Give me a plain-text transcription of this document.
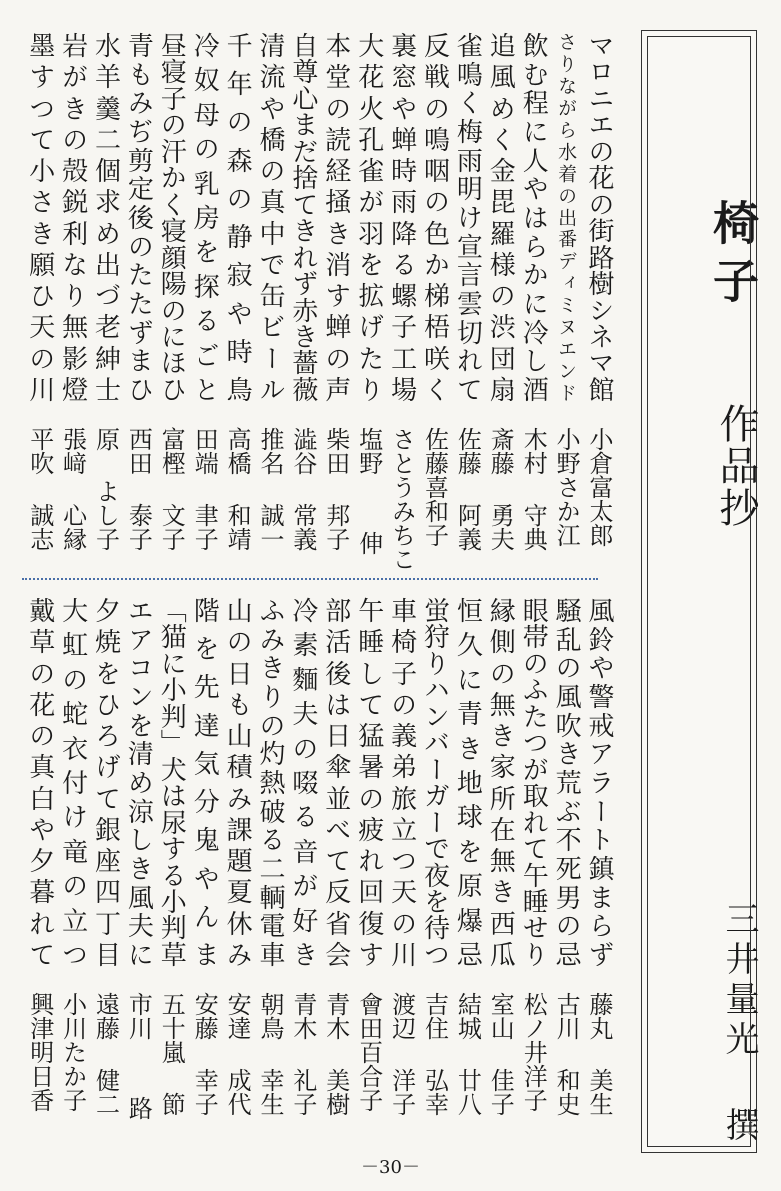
椅子
作品抄
三井量光 撰
マ
ロ
ニ
エ
の
花
の
街
路
樹
シ
ネ
マ
館
小倉富太郎
さ
り
な
が
ら
水
着
の
出
番
デ
ィ
ミ
ヌ
エ
ン
ド
小野さか江
飲
む
程
に
人
や
は
ら
か
に
冷
し
酒
木村 守典
追
風
め
く
金
毘
羅
様
の
渋
団
扇
斎藤 勇夫
雀
鳴
く
梅
雨
明
け
宣
言
雲
切
れ
て
佐藤 阿義
反
戦
の
鳴
咽
の
色
か
梯
梧
咲
く
佐藤喜和子
裏
窓
や
蝉
時
雨
降
る
螺
子
工
場
さとうみちこ
大
花
火
孔
雀
が
羽
を
拡
げ
た
り
塩野  伸
本
堂
の
読
経
掻
き
消
す
蝉
の
声
柴田 邦子
自
尊
心
ま
だ
捨
て
き
れ
ず
赤
き
薔
薇
澁谷 常義
清
流
や
橋
の
真
中
で
缶
ビ
ー
ル
推名 誠一
千
年
の
森
の
静
寂
や
時
鳥
高橋 和靖
冷
奴
母
の
乳
房
を
探
る
ご
と
田端 聿子
昼
寝
子
の
汗
か
く
寝
顔
陽
の
に
ほ
ひ
富樫 文子
青
も
み
ぢ
剪
定
後
の
た
た
ず
ま
ひ
西田 泰子
水
羊
羹
二
個
求
め
出
づ
老
紳
士
原 よし子
岩
が
き
の
殻
鋭
利
な
り
無
影
燈
張﨑 心縁
墨
す
つ
て
小
さ
き
願
ひ
天
の
川
平吹 誠志
風
鈴
や
警
戒
ア
ラ
ー
ト
鎮
ま
ら
ず
藤丸 美生
騒
乱
の
風
吹
き
荒
ぶ
不
死
男
の
忌
古川 和史
眼
帯
の
ふ
た
つ
が
取
れ
て
午
睡
せ
り
松ノ井洋子
縁
側
の
無
き
家
所
在
無
き
西
瓜
室山 佳子
恒
久
に
青
き
地
球
を
原
爆
忌
結城 廿八
蛍
狩
り
ハ
ン
バ
ー
ガ
ー
で
夜
を
待
つ
吉住 弘幸
車
椅
子
の
義
弟
旅
立
つ
天
の
川
渡辺 洋子
午
睡
し
て
猛
暑
の
疲
れ
回
復
す
會田百合子
部
活
後
は
日
傘
並
べ
て
反
省
会
青木 美樹
冷
素
麵
夫
の
啜
る
音
が
好
き
青木 礼子
ふ
み
き
り
の
灼
熱
破
る
二
輌
電
車
朝鳥 幸生
山
の
日
も
山
積
み
課
題
夏
休
み
安達 成代
階
を
先
達
気
分
鬼
や
ん
ま
安藤 幸子
「
猫
に
小
判
」
犬
は
尿
す
る
小
判
草
五十嵐 節
エ
ア
コ
ン
を
清
め
涼
し
き
風
夫
に
市川  路
夕
焼
を
ひ
ろ
げ
て
銀
座
四
丁
目
遠藤 健二
大
虹
の
蛇
衣
付
け
竜
の
立
つ
小川たか子
戴
草
の
花
の
真
白
や
夕
暮
れ
て
興津明日香
－30－
